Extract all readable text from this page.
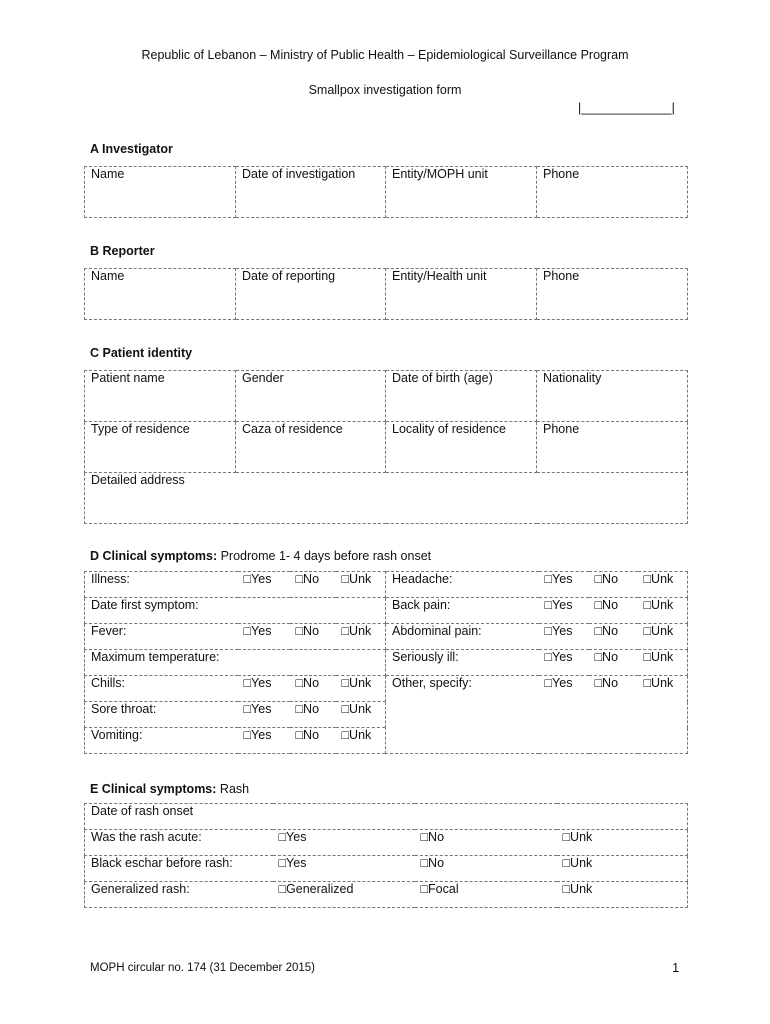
Republic of Lebanon – Ministry of Public Health – Epidemiological Surveillance Program
Smallpox investigation form
|_____________|
A Investigator
Name	Date of investigation	Entity/MOPH unit	Phone
B Reporter
Name	Date of reporting	Entity/Health unit	Phone
C Patient identity
Patient name	Gender	Date of birth (age)	Nationality
Type of residence	Caza of residence	Locality of residence	Phone
Detailed address			
D Clinical symptoms: Prodrome 1- 4 days before rash onset
Illness:	□Yes	□No	□Unk	Headache:	□Yes	□No	□Unk
Date first symptom:				Back pain:	□Yes	□No	□Unk
Fever:	□Yes	□No	□Unk	Abdominal pain:	□Yes	□No	□Unk
Maximum temperature:				Seriously ill:	□Yes	□No	□Unk
Chills:	□Yes	□No	□Unk	Other, specify:	□Yes	□No	□Unk
Sore throat:	□Yes	□No	□Unk				
Vomiting:	□Yes	□No	□Unk				
E Clinical symptoms: Rash
Date of rash onset			
Was the rash acute:	□Yes	□No	□Unk
Black eschar before rash:	□Yes	□No	□Unk
Generalized rash:	□Generalized	□Focal	□Unk
MOPH circular no. 174 (31 December 2015)	1
